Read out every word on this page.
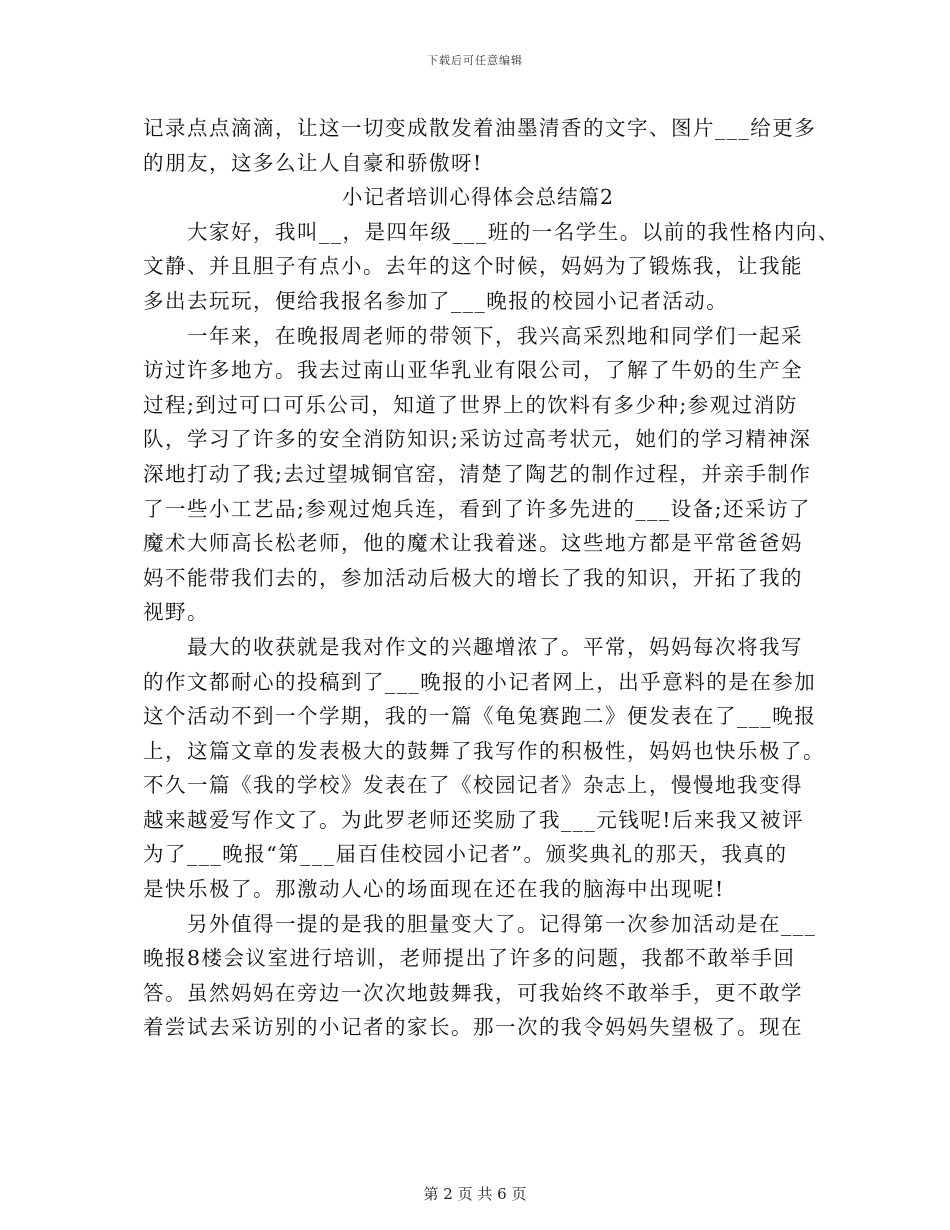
下载后可任意编辑
记录点点滴滴，让这一切变成散发着油墨清香的文字、图片___给更多
的朋友，这多么让人自豪和骄傲呀!
小记者培训心得体会总结篇2
大家好，我叫__，是四年级___班的一名学生。以前的我性格内向、
文静、并且胆子有点小。去年的这个时候，妈妈为了锻炼我，让我能
多出去玩玩，便给我报名参加了___晚报的校园小记者活动。
一年来，在晚报周老师的带领下，我兴高采烈地和同学们一起采
访过许多地方。我去过南山亚华乳业有限公司，了解了牛奶的生产全
过程;到过可口可乐公司，知道了世界上的饮料有多少种;参观过消防
队，学习了许多的安全消防知识;采访过高考状元，她们的学习精神深
深地打动了我;去过望城铜官窑，清楚了陶艺的制作过程，并亲手制作
了一些小工艺品;参观过炮兵连，看到了许多先进的___设备;还采访了
魔术大师高长松老师，他的魔术让我着迷。这些地方都是平常爸爸妈
妈不能带我们去的，参加活动后极大的增长了我的知识，开拓了我的
视野。
最大的收获就是我对作文的兴趣增浓了。平常，妈妈每次将我写
的作文都耐心的投稿到了___晚报的小记者网上，出乎意料的是在参加
这个活动不到一个学期，我的一篇《龟兔赛跑二》便发表在了___晚报
上，这篇文章的发表极大的鼓舞了我写作的积极性，妈妈也快乐极了。
不久一篇《我的学校》发表在了《校园记者》杂志上，慢慢地我变得
越来越爱写作文了。为此罗老师还奖励了我___元钱呢!后来我又被评
为了___晚报“第___届百佳校园小记者”。颁奖典礼的那天，我真的
是快乐极了。那激动人心的场面现在还在我的脑海中出现呢!
另外值得一提的是我的胆量变大了。记得第一次参加活动是在___
晚报8楼会议室进行培训，老师提出了许多的问题，我都不敢举手回
答。虽然妈妈在旁边一次次地鼓舞我，可我始终不敢举手，更不敢学
着尝试去采访别的小记者的家长。那一次的我令妈妈失望极了。现在
第 2 页 共 6 页
